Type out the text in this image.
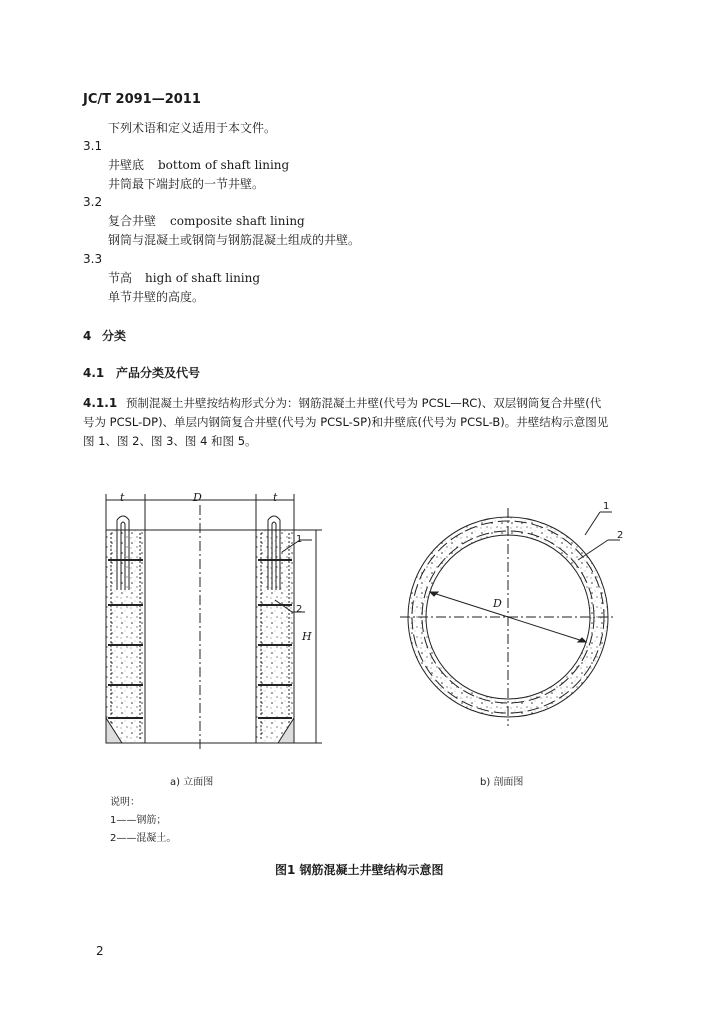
JC/T 2091—2011
下列术语和定义适用于本文件。
3.1
井壁底 bottom of shaft lining
井筒最下端封底的一节井壁。
3.2
复合井壁 composite shaft lining
钢筒与混凝土或钢筒与钢筋混凝土组成的井壁。
3.3
节高 high of shaft lining
单节井壁的高度。
4 分类
4.1 产品分类及代号
4.1.1 预制混凝土井壁按结构形式分为：钢筋混凝土井壁(代号为 PCSL—RC)、双层钢筒复合井壁(代
号为 PCSL-DP)、单层内钢筒复合井壁(代号为 PCSL-SP)和井壁底(代号为 PCSL-B)。井壁结构示意图见
图 1、图 2、图 3、图 4 和图 5。
t	D	t
H
1
2	D
1
2
a) 立面图	b) 剖面图
说明：
1——钢筋；
2——混凝土。
图1 钢筋混凝土井壁结构示意图
2
